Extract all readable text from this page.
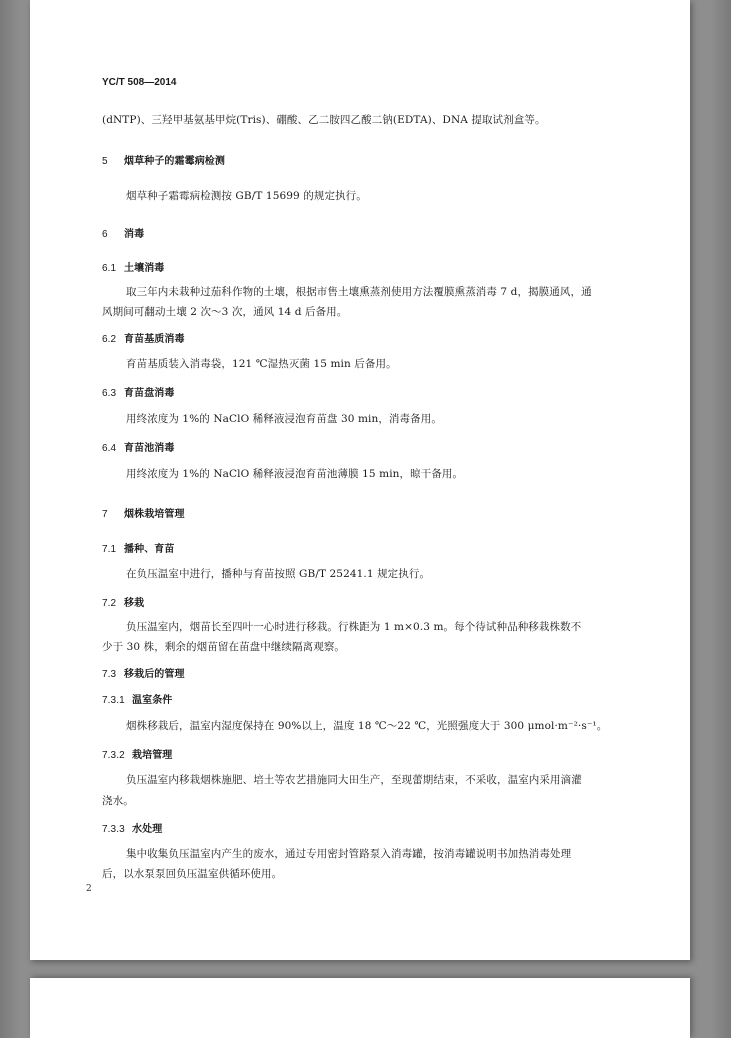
YC/T 508—2014
(dNTP)、三羟甲基氨基甲烷(Tris)、硼酸、乙二胺四乙酸二钠(EDTA)、DNA 提取试剂盒等。
5 烟草种子的霜霉病检测
烟草种子霜霉病检测按 GB/T 15699 的规定执行。
6 消毒
6.1 土壤消毒
取三年内未栽种过茄科作物的土壤，根据市售土壤熏蒸剂使用方法覆膜熏蒸消毒 7 d，揭膜通风，通
风期间可翻动土壤 2 次～3 次，通风 14 d 后备用。
6.2 育苗基质消毒
育苗基质装入消毒袋，121 ℃湿热灭菌 15 min 后备用。
6.3 育苗盘消毒
用终浓度为 1%的 NaClO 稀释液浸泡育苗盘 30 min，消毒备用。
6.4 育苗池消毒
用终浓度为 1%的 NaClO 稀释液浸泡育苗池薄膜 15 min，晾干备用。
7 烟株栽培管理
7.1 播种、育苗
在负压温室中进行，播种与育苗按照 GB/T 25241.1 规定执行。
7.2 移栽
负压温室内，烟苗长至四叶一心时进行移栽。行株距为 1 m×0.3 m。每个待试种品种移栽株数不
少于 30 株，剩余的烟苗留在苗盘中继续隔离观察。
7.3 移栽后的管理
7.3.1 温室条件
烟株移栽后，温室内湿度保持在 90%以上，温度 18 ℃～22 ℃，光照强度大于 300 μmol·m⁻²·s⁻¹。
7.3.2 栽培管理
负压温室内移栽烟株施肥、培土等农艺措施同大田生产，至现蕾期结束，不采收，温室内采用滴灌
浇水。
7.3.3 水处理
集中收集负压温室内产生的废水，通过专用密封管路泵入消毒罐，按消毒罐说明书加热消毒处理
后，以水泵泵回负压温室供循环使用。
2
